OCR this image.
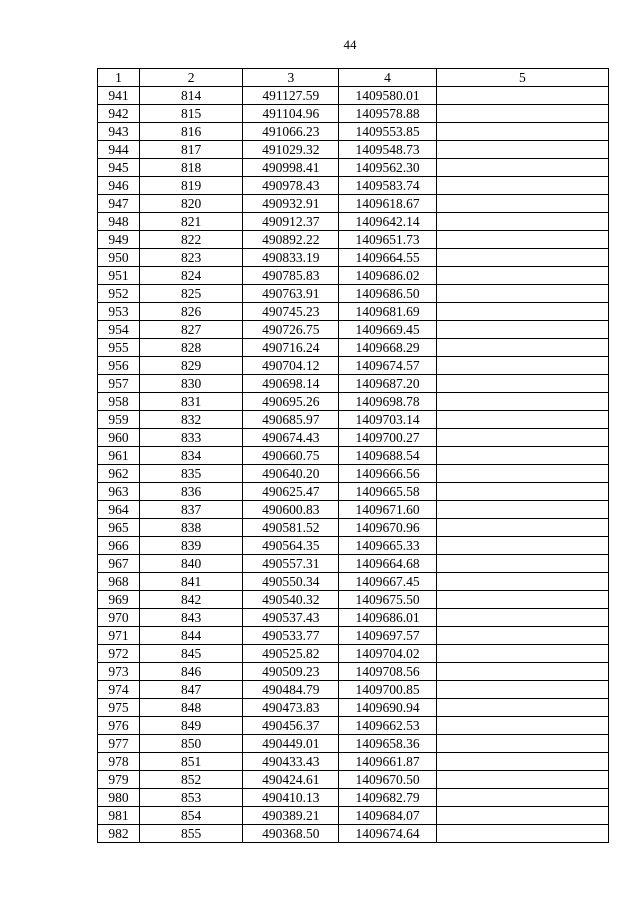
44
1	2	3	4	5
941	814	491127.59	1409580.01	
942	815	491104.96	1409578.88	
943	816	491066.23	1409553.85	
944	817	491029.32	1409548.73	
945	818	490998.41	1409562.30	
946	819	490978.43	1409583.74	
947	820	490932.91	1409618.67	
948	821	490912.37	1409642.14	
949	822	490892.22	1409651.73	
950	823	490833.19	1409664.55	
951	824	490785.83	1409686.02	
952	825	490763.91	1409686.50	
953	826	490745.23	1409681.69	
954	827	490726.75	1409669.45	
955	828	490716.24	1409668.29	
956	829	490704.12	1409674.57	
957	830	490698.14	1409687.20	
958	831	490695.26	1409698.78	
959	832	490685.97	1409703.14	
960	833	490674.43	1409700.27	
961	834	490660.75	1409688.54	
962	835	490640.20	1409666.56	
963	836	490625.47	1409665.58	
964	837	490600.83	1409671.60	
965	838	490581.52	1409670.96	
966	839	490564.35	1409665.33	
967	840	490557.31	1409664.68	
968	841	490550.34	1409667.45	
969	842	490540.32	1409675.50	
970	843	490537.43	1409686.01	
971	844	490533.77	1409697.57	
972	845	490525.82	1409704.02	
973	846	490509.23	1409708.56	
974	847	490484.79	1409700.85	
975	848	490473.83	1409690.94	
976	849	490456.37	1409662.53	
977	850	490449.01	1409658.36	
978	851	490433.43	1409661.87	
979	852	490424.61	1409670.50	
980	853	490410.13	1409682.79	
981	854	490389.21	1409684.07	
982	855	490368.50	1409674.64	
